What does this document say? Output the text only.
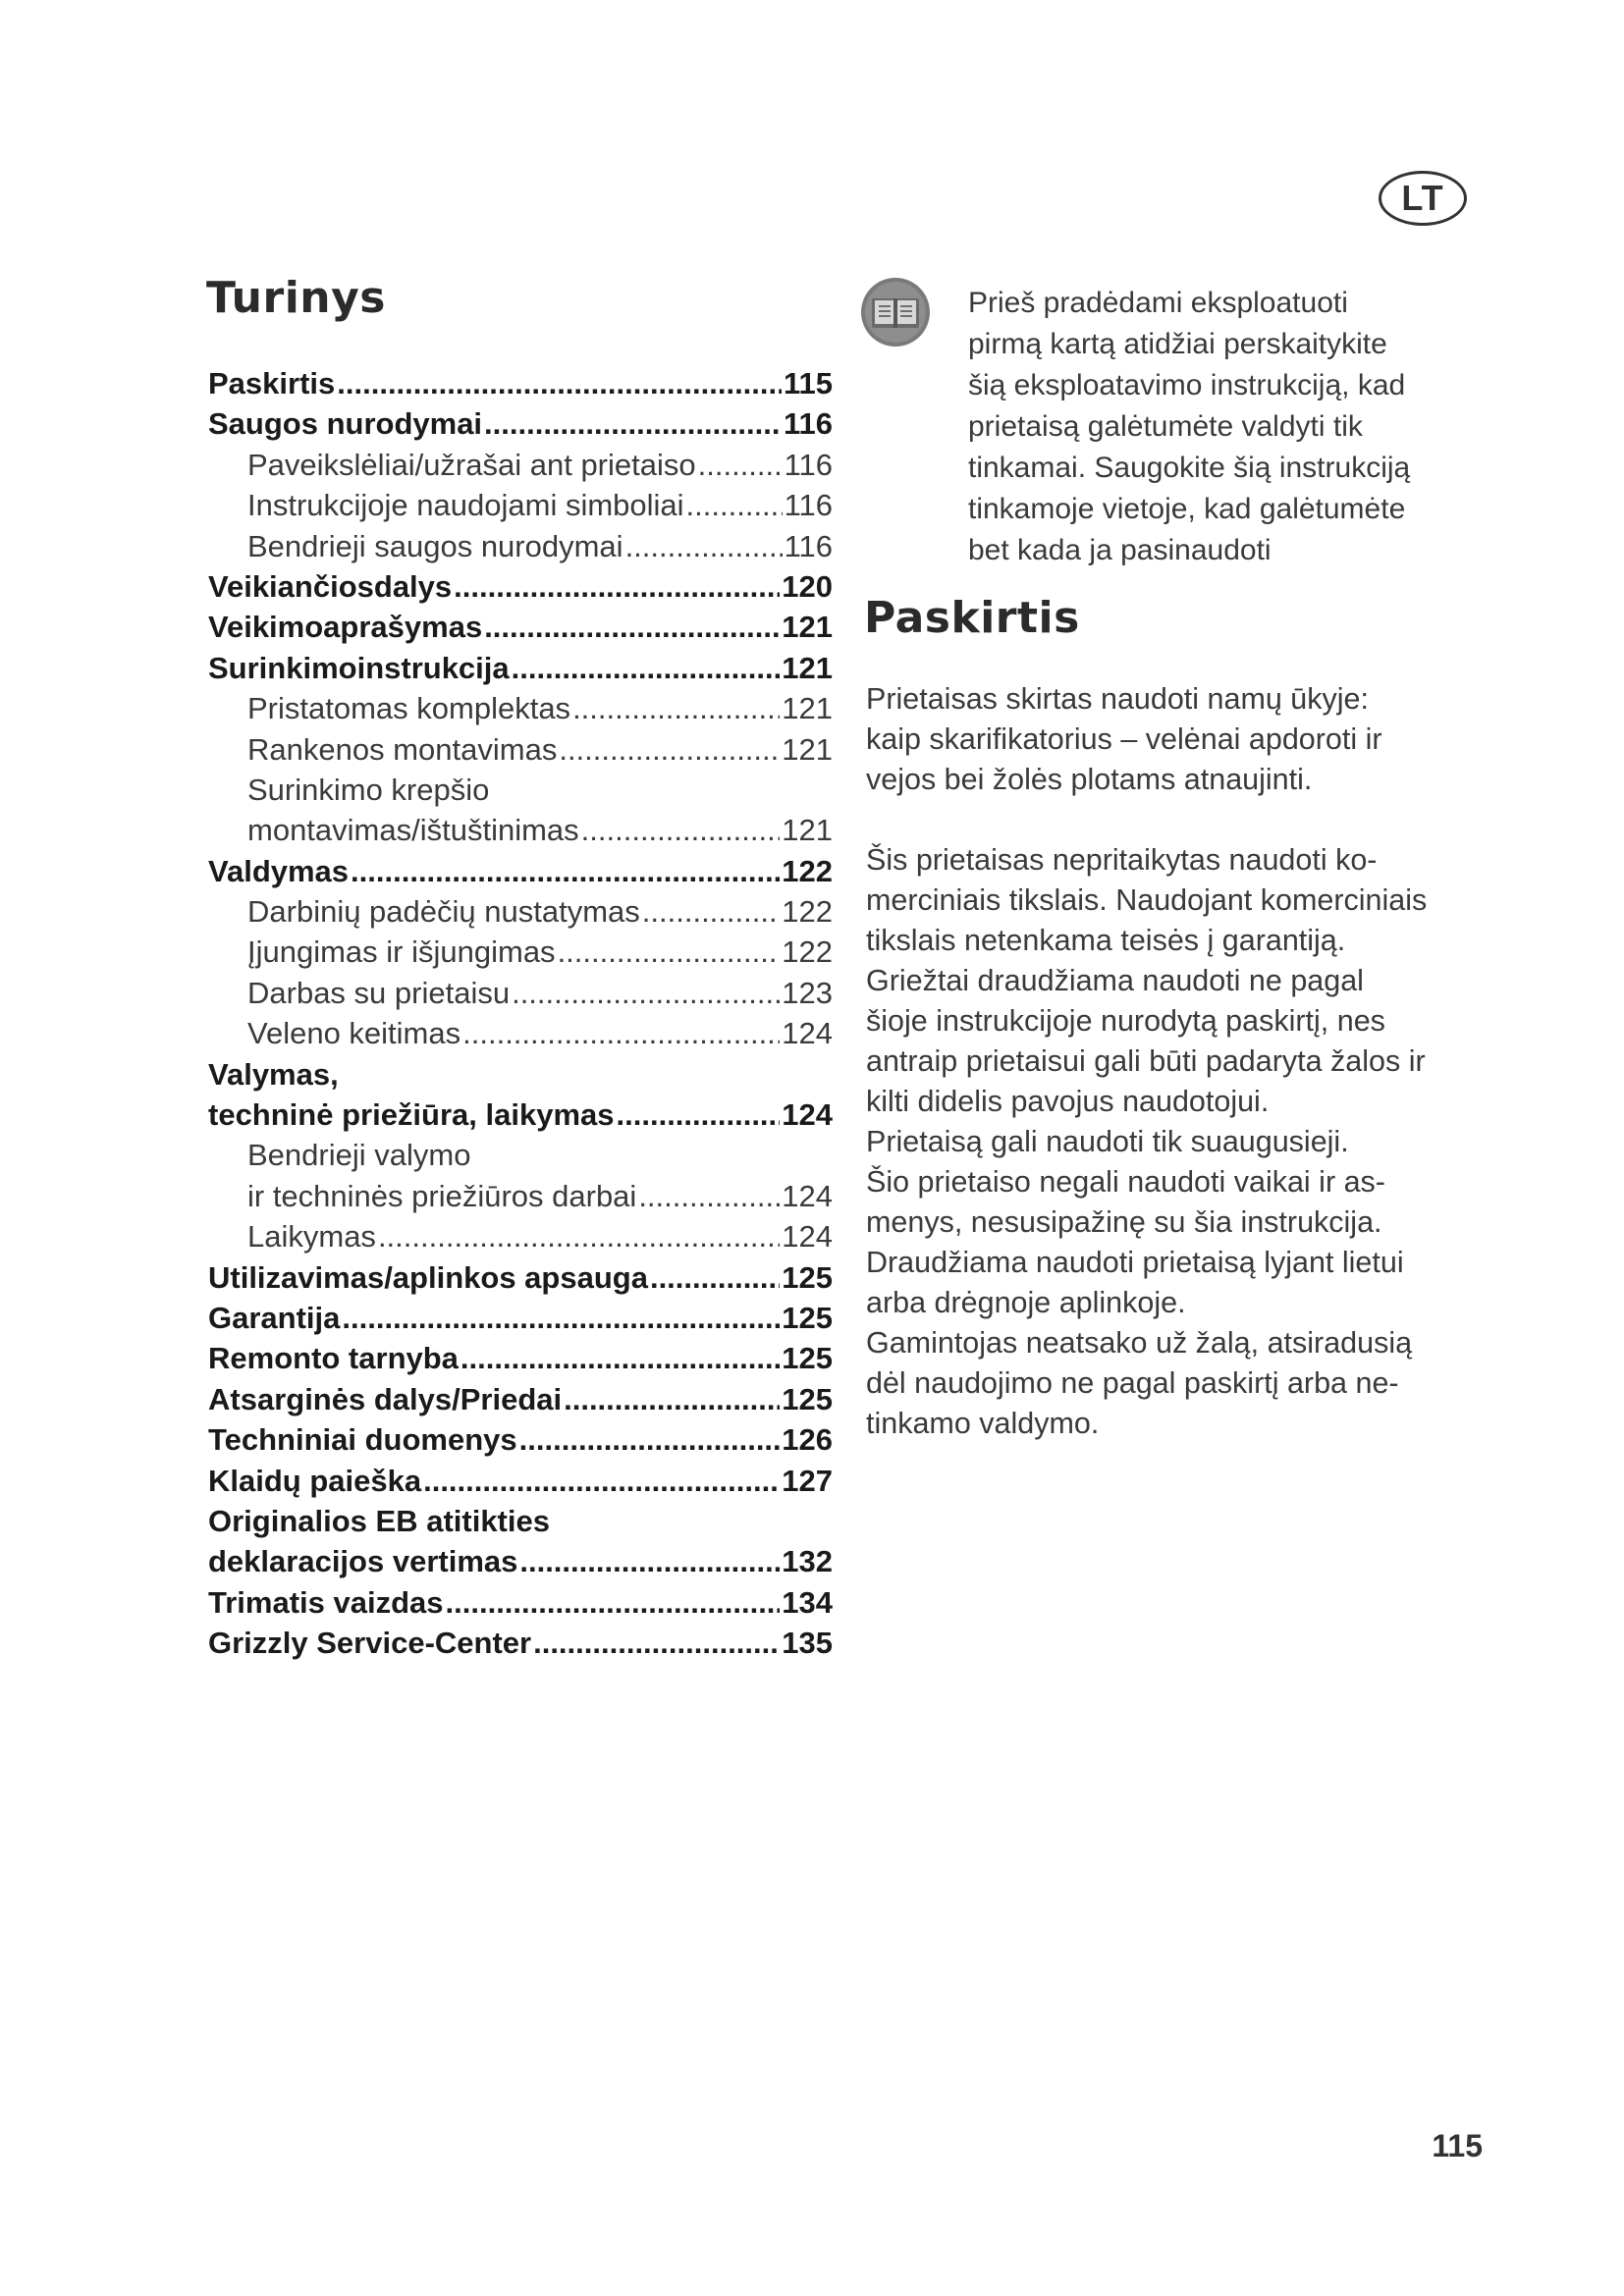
LT
Turinys
Paskirtis .....	115
Saugos nurodymai .....	116
Paveikslėliai/užrašai ant prietaiso .....	116
Instrukcijoje naudojami simboliai .....	116
Bendrieji saugos nurodymai .....	116
Veikiančiosdalys .....	120
Veikimoaprašymas .....	121
Surinkimoinstrukcija .....	121
Pristatomas komplektas .....	121
Rankenos montavimas .....	121
Surinkimo krepšio
montavimas/ištuštinimas .....	121
Valdymas .....	122
Darbinių padėčių nustatymas .....	122
Įjungimas ir išjungimas .....	122
Darbas su prietaisu .....	123
Veleno keitimas .....	124
Valymas,
techninė priežiūra, laikymas .....	124
Bendrieji valymo
ir techninės priežiūros darbai .....	124
Laikymas .....	124
Utilizavimas/aplinkos apsauga .....	125
Garantija .....	125
Remonto tarnyba .....	125
Atsarginės dalys/Priedai .....	125
Techniniai duomenys .....	126
Klaidų paieška .....	127
Originalios EB atitikties
deklaracijos vertimas .....	132
Trimatis vaizdas .....	134
Grizzly Service-Center .....	135
Prieš pradėdami eksploatuoti
pirmą kartą atidžiai perskaitykite
šią eksploatavimo instrukciją, kad
prietaisą galėtumėte valdyti tik
tinkamai. Saugokite šią instrukciją
tinkamoje vietoje, kad galėtumėte
bet kada ja pasinaudoti
Paskirtis
Prietaisas skirtas naudoti namų ūkyje:
kaip skarifikatorius – velėnai apdoroti ir
vejos bei žolės plotams atnaujinti.
Šis prietaisas nepritaikytas naudoti ko-
merciniais tikslais. Naudojant komerciniais
tikslais netenkama teisės į garantiją.
Griežtai draudžiama naudoti ne pagal
šioje instrukcijoje nurodytą paskirtį, nes
antraip prietaisui gali būti padaryta žalos ir
kilti didelis pavojus naudotojui.
Prietaisą gali naudoti tik suaugusieji.
Šio prietaiso negali naudoti vaikai ir as-
menys, nesusipažinę su šia instrukcija.
Draudžiama naudoti prietaisą lyjant lietui
arba drėgnoje aplinkoje.
Gamintojas neatsako už žalą, atsiradusią
dėl naudojimo ne pagal paskirtį arba ne-
tinkamo valdymo.
115
